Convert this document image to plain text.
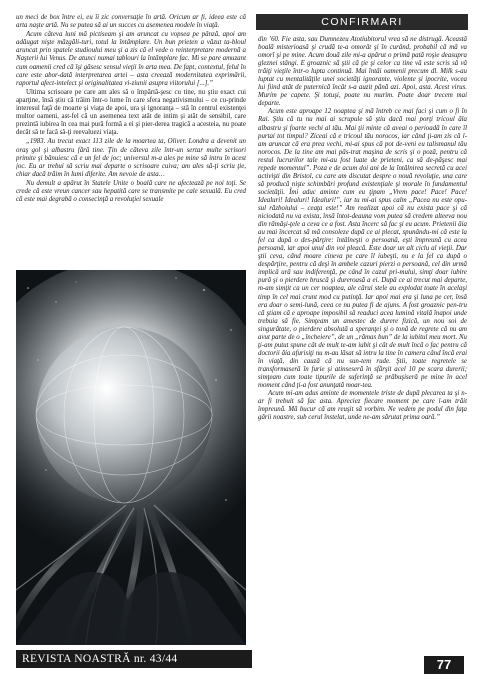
un meci de box între ei, eu îi zic conversaţie în artă. Oricum ar fi, ideea este că arta naşte artă. Nu se putea să ai un succes cu asemenea modele în viaţă.

Acum câteva luni mă pictiseam şi am aruncat cu vopsea pe pânză, apoi am adăugat nişte măzgăli-turi, totul la întâmplare. Un bun prieten a văzut ta-bloul aruncat prin spatele studioului meu şi a zis că el vede o reinterpretare modernă a Naşterii lui Venus. De atunci numai tablouri la întâmplare fac. Mi se pare amuzant cum oamenii cred că îşi găsesc sensul vieţii în arta mea. De fapt, contextul, felul în care este abor-dată interpretarea artei – asta creează modernitatea exprimării, raportul afect-intelect şi originalitatea vi-ziunii asupra viitorului [...].”

Ultima scrisoare pe care am ales să o împărtă-şesc cu tine, nu ştiu exact cui aparţine, însă ştiu că trăim într-o lume în care sfera negativismului – ce cu-prinde interesul faţă de moarte şi viaţa de apoi, ura şi ignoranţa – stă în centrul existenţei multor oameni, ast-fel că un asemenea text atât de intim şi atât de sensibil, care prezintă iubirea în cea mai pură formă a ei şi pier-derea tragică a acesteia, nu poate decât să te facă să-ţi reevaluezi viaţa.

„1983. Au trecut exact 113 zile de la moartea ta, Oliver. Londra a devenit un oraş gol şi albastru fără tine. Ţin de căteva zile într-un sertar multe scrisori primite şi bănuiesc că e un fel de joc; universul m-a ales pe mine să intru în acest joc. Eu ar trebui să scriu mai departe o scrisoare cuiva; am ales să-ţi scriu ţie, chiar dacă trăim în lumi diferite. Am nevoie de asta…

Nu demult a apărut în Statele Unite o boală care ne afectează pe noi toţi. Se crede că este vreun cancer sau hepatită care se transmite pe cale sexuală. Eu cred că este mai degrabă o consecinţă a revoluţiei sexuale

REVISTA NOASTRĂ nr. 43/44
CONFIRMARI

din ’60. Fie asta, sau Dumnezeu Atotiubitorul vrea să ne distrugă. Aceastã boală misterioasă şi crudă te-a omorât şi în curând, probabil că mă va omorî şi pe mine. Acum două zile mi-a apărut o primă pată roşie deasupra gleznei stângi. E groaznic să ştii că ţie şi celor ca tine vă este scris să vă trăiţi vieţile într-o lupta continuă. Mai întâi oamenii precum dl. Milk s-au luptat cu mentalităţile unei societăţi ignorante, violente şi ipocrite, voceа lui fiind atât de puternică încât s-a auzit până azi. Apoi, asta. Acest virus. Murim pe capete. Şi totuşi, poate nu murim. Poate doar trecem mai departe.

Acum este aproape 12 noaptea şi mă întreb ce mai faci şi cum o fi în Rai. Ştiu că tu nu mai ai scrupule să ştiu dacă mai porţi tricoul ăla albastru şi foarte vechi al tău. Mai ţii minte că aveai o perioadă în care îl purtai tot timpul? Ziceai că e tricoul tău norocos, iar când ţi-am zis că l-am aruncat că era prea vechi, mi-ai spus că pot de-veni eu talismanul tău norocos. De la tine am mai păs-trat maşina de scris şi o poză, pentru că restul lucrurilor tale mi-au fost luate de prieteni, ca să de-păşesc mai repede momentul”. Poza e de acum doi ani de la întâlnirea secretă cu acei activişti din Bristol, cu care am discutat despre o nouă revoluţie, una care să producă nişte schimbări profund existenţiale şi morale în fundamentul societăţii. Îmi aduc aminte cum eu ţipam „Vrem pace! Pace! Pace! Idealuri! Idealuri! Idealuri!”, iar tu mi-ai spus calm „Pacea nu este opu-sul războiului – ceaţa este!” Am realizat apoi că nu exista pace şi că niciodată nu va exista, însă întot-deauna vom putea să credem alteeva nou din rămăşi-ţele a ceva ce a fost. Asta încerc să fac şi eu acum. Prietenii ăia au mai încercat să mă consoleze după ce ai plecat, spunându-mi că este la fel ca după o des-părţire: întâlneşti o persoană, eşti împreună cu acea persoană, iar apoi unul din voi pleacă. Este doar un alt ciclu al vieţii. Dar ştii ceva, când moare cineva pe care îl iubeşti, nu e la fel ca după o despărţire, pentru că deşi în ambele cazuri pierzi o persoană, cel din urmă implică ură sau indiferenţă, pe când în cazul pri-mului, simţi doar iubire pură şi o pierdere bruscă şi dureroasă a ei. După ce ai trecut mai departe, m-am simţit ca un cer noaptea, ale cărui stele au explodat toate în acelaşi timp în cel mai crunt mod cu putinţă. Iar apoi mai era şi luna pe cer, însă era doar o semi-lună, ceea ce nu putea fi de ajuns. A fost groaznic pen-tru că ştiam că e aproape imposibil să readuci acea lumină vitală înapoi unde trebuia să fie. Simţeam un amestec de durere fizică, un nou soi de singurătate, o pierdere absolută a speranţei şi o tonă de regrete că nu am avut parte de o „încheiere”, de un „rămas bun” de la iubitul meu mort. Nu ţi-am putut spune cât de mult te-am iubit şi cât de mult încă o fac pentru că doctorii ăia afurisiţi nu m-au lăsat să intru la tine în camera când încă erai în viaţă, din cauză că nu sun-tem rude. Ştii, toate regretele se transformaseră în furie şi atinseseră în sfârşit acel 10 pe scara durerii; simţeam cum toate tipurile de suferinţă se prăbuşiseră pe mine în acel moment când ţi-a fost anunţată moar-tea.

Acum mi-am adus aminte de momentele triste de după plecarea ta şi n-ar fi trebuit să fac asta. Apreciez fiecare moment pe care l-am trăit împreună. Mă bucur că am reuşit să vorbim. Ne vedem pe podul din faţa gării noastre, sub cerul înstelat, unde ne-am sărutat prima oară.”

77
